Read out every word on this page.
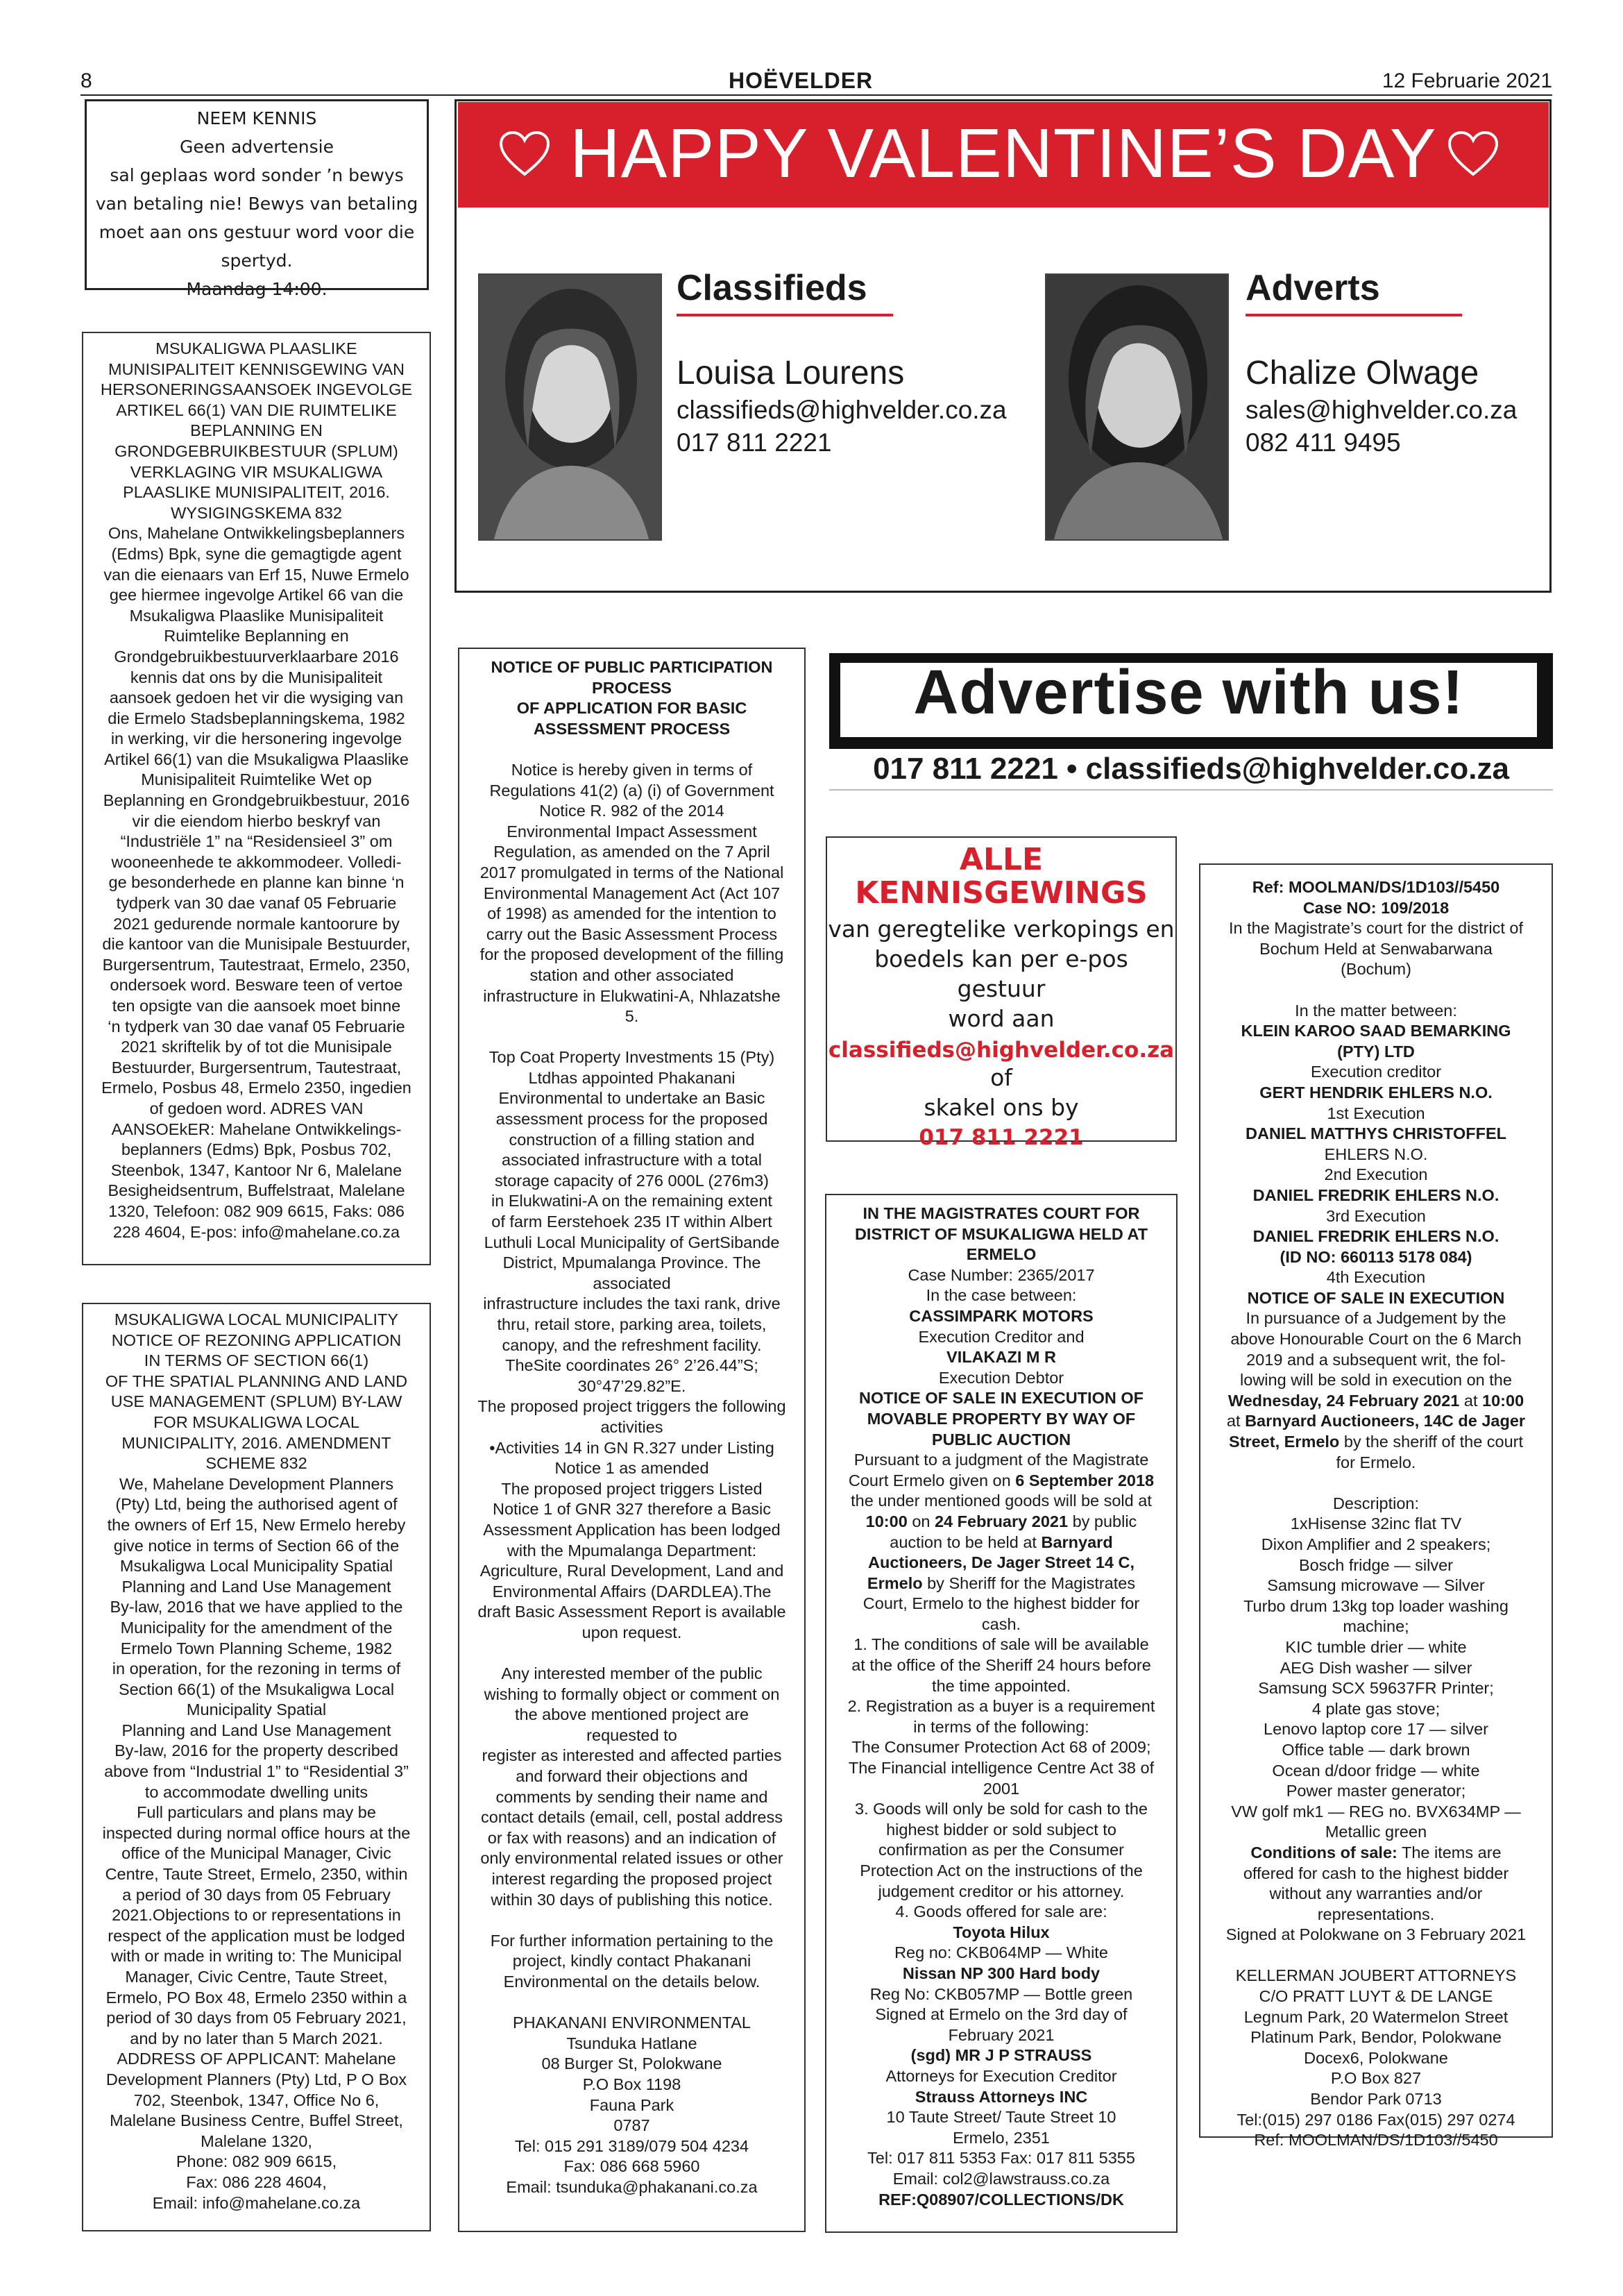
8	HOËVELDER	12 Februarie 2021
NEEM KENNIS
Geen advertensie
sal geplaas word sonder ’n bewys
van betaling nie! Bewys van betaling
moet aan ons gestuur word voor die
spertyd.
Maandag 14:00.
MSUKALIGWA PLAASLIKE
MUNISIPALITEIT KENNISGEWING VAN
HERSONERINGSAANSOEK INGEVOLGE
ARTIKEL 66(1) VAN DIE RUIMTELIKE
BEPLANNING EN
GRONDGEBRUIKBESTUUR (SPLUM)
VERKLAGING VIR MSUKALIGWA
PLAASLIKE MUNISIPALITEIT, 2016.
WYSIGINGSKEMA 832
Ons, Mahelane Ontwikkelingsbeplanners
(Edms) Bpk, syne die gemagtigde agent
van die eienaars van Erf 15, Nuwe Ermelo
gee hiermee ingevolge Artikel 66 van die
Msukaligwa Plaaslike Munisipaliteit
Ruimtelike Beplanning en
Grondgebruikbestuurverklaarbare 2016
kennis dat ons by die Munisipaliteit
aansoek gedoen het vir die wysiging van
die Ermelo Stadsbeplanningskema, 1982
in werking, vir die hersonering ingevolge
Artikel 66(1) van die Msukaligwa Plaaslike
Munisipaliteit Ruimtelike Wet op
Beplanning en Grondgebruikbestuur, 2016
vir die eiendom hierbo beskryf van
“Industriële 1” na “Residensieel 3” om
wooneenhede te akkommodeer. Volledi-
ge besonderhede en planne kan binne ‘n
tydperk van 30 dae vanaf 05 Februarie
2021 gedurende normale kantoorure by
die kantoor van die Munisipale Bestuurder,
Burgersentrum, Tautestraat, Ermelo, 2350,
ondersoek word. Besware teen of vertoe
ten opsigte van die aansoek moet binne
‘n tydperk van 30 dae vanaf 05 Februarie
2021 skriftelik by of tot die Munisipale
Bestuurder, Burgersentrum, Tautestraat,
Ermelo, Posbus 48, Ermelo 2350, ingedien
of gedoen word. ADRES VAN
AANSOEkER: Mahelane Ontwikkelings-
beplanners (Edms) Bpk, Posbus 702,
Steenbok, 1347, Kantoor Nr 6, Malelane
Besigheidsentrum, Buffelstraat, Malelane
1320, Telefoon: 082 909 6615, Faks: 086
228 4604, E-pos: info@mahelane.co.za
MSUKALIGWA LOCAL MUNICIPALITY
NOTICE OF REZONING APPLICATION
IN TERMS OF SECTION 66(1)
OF THE SPATIAL PLANNING AND LAND
USE MANAGEMENT (SPLUM) BY-LAW
FOR MSUKALIGWA LOCAL
MUNICIPALITY, 2016. AMENDMENT
SCHEME 832
We, Mahelane Development Planners
(Pty) Ltd, being the authorised agent of
the owners of Erf 15, New Ermelo hereby
give notice in terms of Section 66 of the
Msukaligwa Local Municipality Spatial
Planning and Land Use Management
By-law, 2016 that we have applied to the
Municipality for the amendment of the
Ermelo Town Planning Scheme, 1982
in operation, for the rezoning in terms of
Section 66(1) of the Msukaligwa Local
Municipality Spatial
Planning and Land Use Management
By-law, 2016 for the property described
above from “Industrial 1” to “Residential 3”
to accommodate dwelling units
Full particulars and plans may be
inspected during normal office hours at the
office of the Municipal Manager, Civic
Centre, Taute Street, Ermelo, 2350, within
a period of 30 days from 05 February
2021.Objections to or representations in
respect of the application must be lodged
with or made in writing to: The Municipal
Manager, Civic Centre, Taute Street,
Ermelo, PO Box 48, Ermelo 2350 within a
period of 30 days from 05 February 2021,
and by no later than 5 March 2021.
ADDRESS OF APPLICANT: Mahelane
Development Planners (Pty) Ltd, P O Box
702, Steenbok, 1347, Office No 6,
Malelane Business Centre, Buffel Street,
Malelane 1320,
Phone: 082 909 6615,
Fax: 086 228 4604,
Email: info@mahelane.co.za
HAPPY VALENTINE’S DAY
Classifieds
Louisa Lourens
classifieds@highvelder.co.za
017 811 2221
Adverts
Chalize Olwage
sales@highvelder.co.za
082 411 9495
NOTICE OF PUBLIC PARTICIPATION
PROCESS
OF APPLICATION FOR BASIC
ASSESSMENT PROCESS

Notice is hereby given in terms of
Regulations 41(2) (a) (i) of Government
Notice R. 982 of the 2014
Environmental Impact Assessment
Regulation, as amended on the 7 April
2017 promulgated in terms of the National
Environmental Management Act (Act 107
of 1998) as amended for the intention to
carry out the Basic Assessment Process
for the proposed development of the filling
station and other associated
infrastructure in Elukwatini-A, Nhlazatshe
5.

Top Coat Property Investments 15 (Pty)
Ltdhas appointed Phakanani
Environmental to undertake an Basic
assessment process for the proposed
construction of a filling station and
associated infrastructure with a total
storage capacity of 276 000L (276m3)
in Elukwatini-A on the remaining extent
of farm Eerstehoek 235 IT within Albert
Luthuli Local Municipality of GertSibande
District, Mpumalanga Province. The
associated
infrastructure includes the taxi rank, drive
thru, retail store, parking area, toilets,
canopy, and the refreshment facility.
TheSite coordinates 26° 2’26.44”S;
30°47’29.82”E.
The proposed project triggers the following
activities
•Activities 14 in GN R.327 under Listing
Notice 1 as amended
The proposed project triggers Listed
Notice 1 of GNR 327 therefore a Basic
Assessment Application has been lodged
with the Mpumalanga Department:
Agriculture, Rural Development, Land and
Environmental Affairs (DARDLEA).The
draft Basic Assessment Report is available
upon request.

Any interested member of the public
wishing to formally object or comment on
the above mentioned project are
requested to
register as interested and affected parties
and forward their objections and
comments by sending their name and
contact details (email, cell, postal address
or fax with reasons) and an indication of
only environmental related issues or other
interest regarding the proposed project
within 30 days of publishing this notice.

For further information pertaining to the
project, kindly contact Phakanani
Environmental on the details below.

PHAKANANI ENVIRONMENTAL
Tsunduka Hatlane
08 Burger St, Polokwane
P.O Box 1198
Fauna Park
0787
Tel: 015 291 3189/079 504 4234
Fax: 086 668 5960
Email: tsunduka@phakanani.co.za
Advertise with us!
017 811 2221 • classifieds@highvelder.co.za
ALLE
KENNISGEWINGS
van geregtelike verkopings en
boedels kan per e-pos gestuur
word aan
classifieds@highvelder.co.za
of
skakel ons by
017 811 2221
IN THE MAGISTRATES COURT FOR
DISTRICT OF MSUKALIGWA HELD AT
ERMELO
Case Number: 2365/2017
In the case between:
CASSIMPARK MOTORS
Execution Creditor and
VILAKAZI M R
Execution Debtor
NOTICE OF SALE IN EXECUTION OF
MOVABLE PROPERTY BY WAY OF
PUBLIC AUCTION
Pursuant to a judgment of the Magistrate
Court Ermelo given on 6 September 2018
the under mentioned goods will be sold at
10:00 on 24 February 2021 by public
auction to be held at Barnyard
Auctioneers, De Jager Street 14 C,
Ermelo by Sheriff for the Magistrates
Court, Ermelo to the highest bidder for
cash.
1. The conditions of sale will be available
at the office of the Sheriff 24 hours before
the time appointed.
2. Registration as a buyer is a requirement
in terms of the following:
The Consumer Protection Act 68 of 2009;
The Financial intelligence Centre Act 38 of
2001
3. Goods will only be sold for cash to the
highest bidder or sold subject to
confirmation as per the Consumer
Protection Act on the instructions of the
judgement creditor or his attorney.
4. Goods offered for sale are:
Toyota Hilux
Reg no: CKB064MP — White
Nissan NP 300 Hard body
Reg No: CKB057MP — Bottle green
Signed at Ermelo on the 3rd day of
February 2021
(sgd) MR J P STRAUSS
Attorneys for Execution Creditor
Strauss Attorneys INC
10 Taute Street/ Taute Street 10
Ermelo, 2351
Tel: 017 811 5353 Fax: 017 811 5355
Email: col2@lawstrauss.co.za
REF:Q08907/COLLECTIONS/DK
Ref: MOOLMAN/DS/1D103//5450
Case NO: 109/2018
In the Magistrate’s court for the district of
Bochum Held at Senwabarwana
(Bochum)

In the matter between:
KLEIN KAROO SAAD BEMARKING
(PTY) LTD
Execution creditor
GERT HENDRIK EHLERS N.O.
1st Execution
DANIEL MATTHYS CHRISTOFFEL
EHLERS N.O.
2nd Execution
DANIEL FREDRIK EHLERS N.O.
3rd Execution
DANIEL FREDRIK EHLERS N.O.
(ID NO: 660113 5178 084)
4th Execution
NOTICE OF SALE IN EXECUTION
In pursuance of a Judgement by the
above Honourable Court on the 6 March
2019 and a subsequent writ, the fol-
lowing will be sold in execution on the
Wednesday, 24 February 2021 at 10:00
at Barnyard Auctioneers, 14C de Jager
Street, Ermelo by the sheriff of the court
for Ermelo.

Description:
1xHisense 32inc flat TV
Dixon Amplifier and 2 speakers;
Bosch fridge — silver
Samsung microwave — Silver
Turbo drum 13kg top loader washing
machine;
KIC tumble drier — white
AEG Dish washer — silver
Samsung SCX 59637FR Printer;
4 plate gas stove;
Lenovo laptop core 17 — silver
Office table — dark brown
Ocean d/door fridge — white
Power master generator;
VW golf mk1 — REG no. BVX634MP —
Metallic green
Conditions of sale: The items are
offered for cash to the highest bidder
without any warranties and/or
representations.
Signed at Polokwane on 3 February 2021

KELLERMAN JOUBERT ATTORNEYS
C/O PRATT LUYT & DE LANGE
Legnum Park, 20 Watermelon Street
Platinum Park, Bendor, Polokwane
Docex6, Polokwane
P.O Box 827
Bendor Park 0713
Tel:(015) 297 0186 Fax(015) 297 0274
Ref: MOOLMAN/DS/1D103//5450
